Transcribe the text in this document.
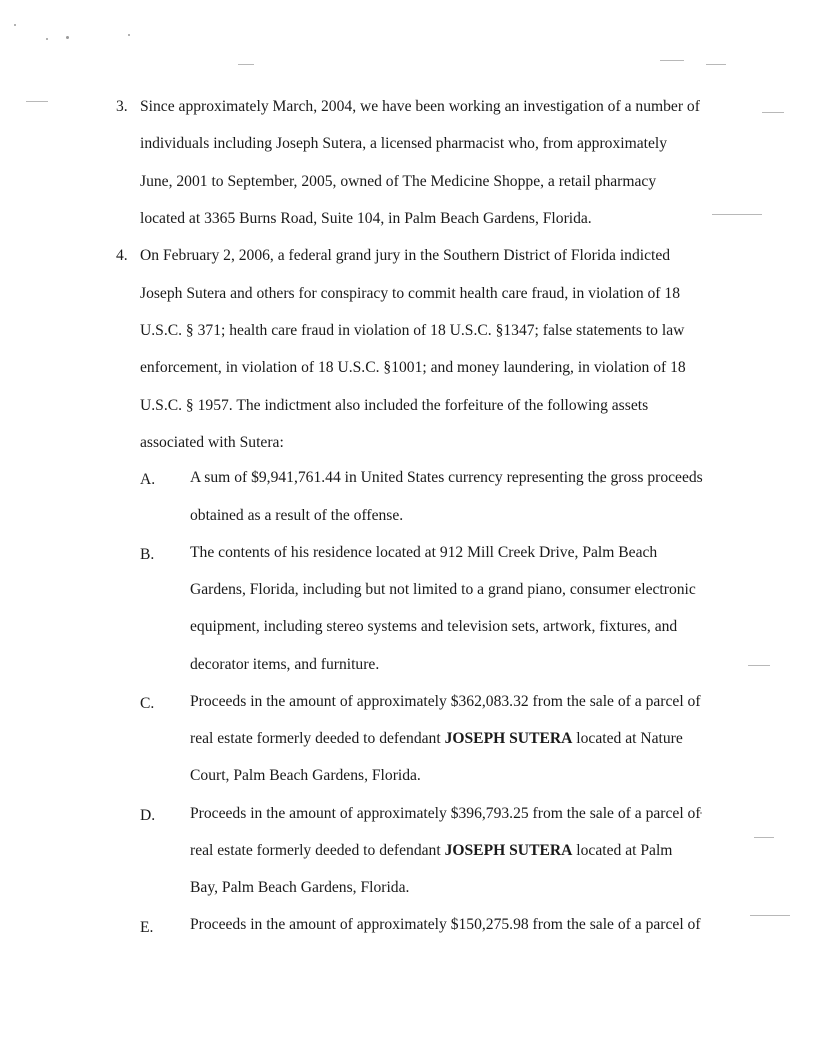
3. Since approximately March, 2004, we have been working an investigation of a number of
individuals including Joseph Sutera, a licensed pharmacist who, from approximately
June, 2001 to September, 2005, owned of The Medicine Shoppe, a retail pharmacy
located at 3365 Burns Road, Suite 104, in Palm Beach Gardens, Florida.
4. On February 2, 2006, a federal grand jury in the Southern District of Florida indicted
Joseph Sutera and others for conspiracy to commit health care fraud, in violation of 18
U.S.C. § 371; health care fraud in violation of 18 U.S.C. §1347; false statements to law
enforcement, in violation of 18 U.S.C. §1001; and money laundering, in violation of 18
U.S.C. § 1957. The indictment also included the forfeiture of the following assets
associated with Sutera:
A. A sum of $9,941,761.44 in United States currency representing the gross proceeds
obtained as a result of the offense.
B. The contents of his residence located at 912 Mill Creek Drive, Palm Beach
Gardens, Florida, including but not limited to a grand piano, consumer electronic
equipment, including stereo systems and television sets, artwork, fixtures, and
decorator items, and furniture.
C. Proceeds in the amount of approximately $362,083.32 from the sale of a parcel of
real estate formerly deeded to defendant JOSEPH SUTERA located at Nature
Court, Palm Beach Gardens, Florida.
D. Proceeds in the amount of approximately $396,793.25 from the sale of a parcel of
real estate formerly deeded to defendant JOSEPH SUTERA located at Palm
Bay, Palm Beach Gardens, Florida.
E. Proceeds in the amount of approximately $150,275.98 from the sale of a parcel of
